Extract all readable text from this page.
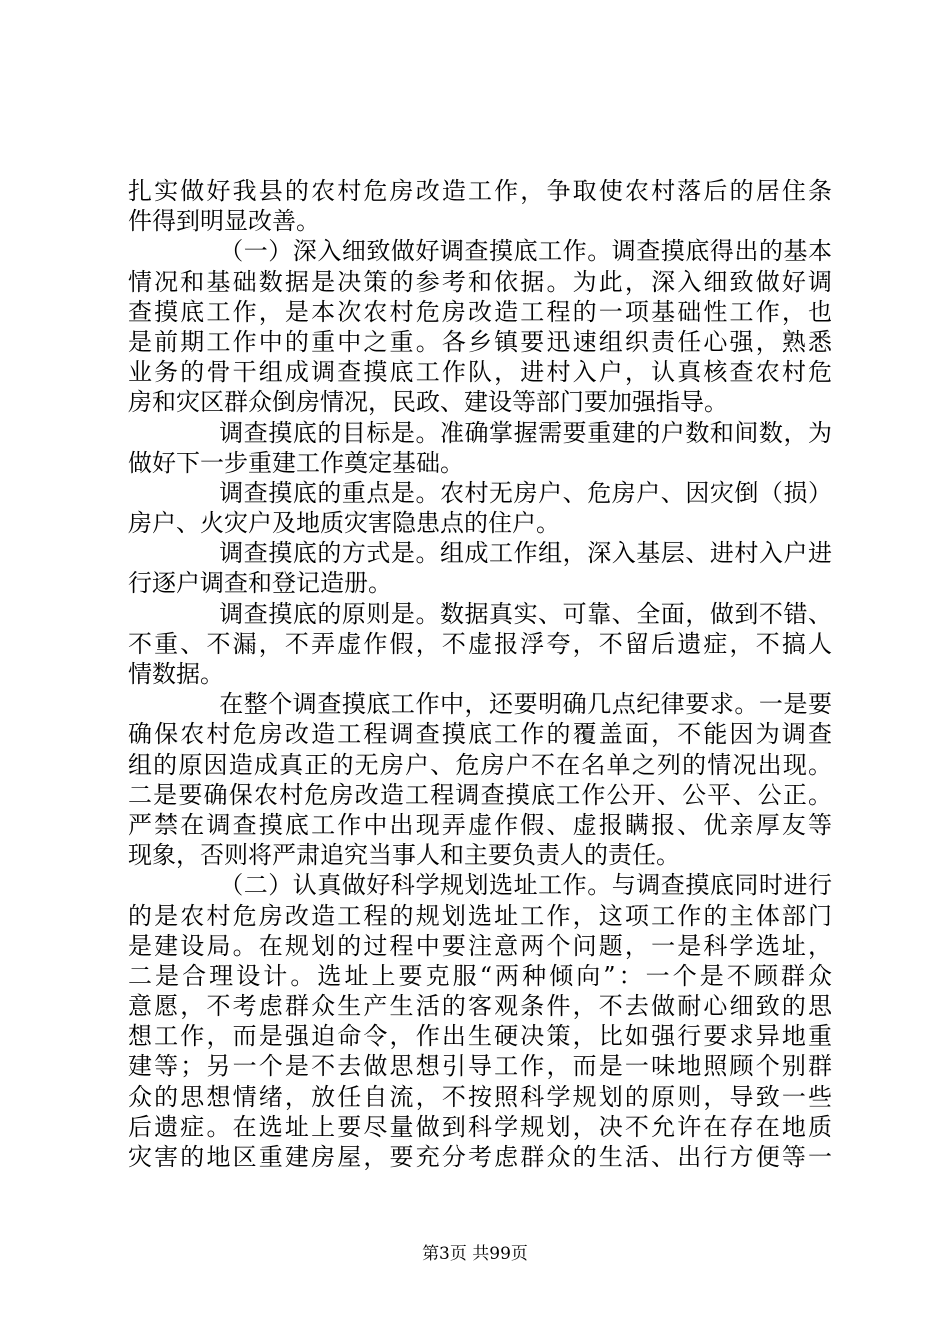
扎实做好我县的农村危房改造工作，争取使农村落后的居住条
件得到明显改善。
（一）深入细致做好调查摸底工作。调查摸底得出的基本
情况和基础数据是决策的参考和依据。为此，深入细致做好调
查摸底工作，是本次农村危房改造工程的一项基础性工作，也
是前期工作中的重中之重。各乡镇要迅速组织责任心强，熟悉
业务的骨干组成调查摸底工作队，进村入户，认真核查农村危
房和灾区群众倒房情况，民政、建设等部门要加强指导。
调查摸底的目标是。准确掌握需要重建的户数和间数，为
做好下一步重建工作奠定基础。
调查摸底的重点是。农村无房户、危房户、因灾倒（损）
房户、火灾户及地质灾害隐患点的住户。
调查摸底的方式是。组成工作组，深入基层、进村入户进
行逐户调查和登记造册。
调查摸底的原则是。数据真实、可靠、全面，做到不错、
不重、不漏，不弄虚作假，不虚报浮夸，不留后遗症，不搞人
情数据。
在整个调查摸底工作中，还要明确几点纪律要求。一是要
确保农村危房改造工程调查摸底工作的覆盖面，不能因为调查
组的原因造成真正的无房户、危房户不在名单之列的情况出现。
二是要确保农村危房改造工程调查摸底工作公开、公平、公正。
严禁在调查摸底工作中出现弄虚作假、虚报瞒报、优亲厚友等
现象，否则将严肃追究当事人和主要负责人的责任。
（二）认真做好科学规划选址工作。与调查摸底同时进行
的是农村危房改造工程的规划选址工作，这项工作的主体部门
是建设局。在规划的过程中要注意两个问题，一是科学选址，
二是合理设计。选址上要克服“两种倾向”：一个是不顾群众
意愿，不考虑群众生产生活的客观条件，不去做耐心细致的思
想工作，而是强迫命令，作出生硬决策，比如强行要求异地重
建等；另一个是不去做思想引导工作，而是一味地照顾个别群
众的思想情绪，放任自流，不按照科学规划的原则，导致一些
后遗症。在选址上要尽量做到科学规划，决不允许在存在地质
灾害的地区重建房屋，要充分考虑群众的生活、出行方便等一
第3页 共99页
